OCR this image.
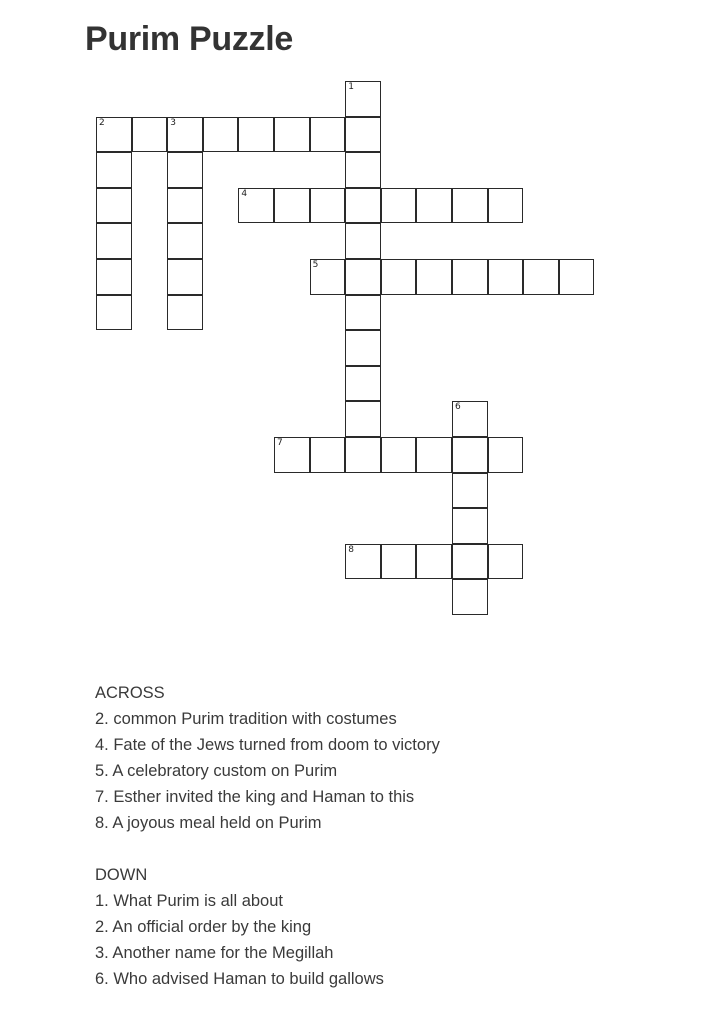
Purim Puzzle
2	3
4
5
7
8
1
6
ACROSS
2. common Purim tradition with costumes
4. Fate of the Jews turned from doom to victory
5. A celebratory custom on Purim
7. Esther invited the king and Haman to this
8. A joyous meal held on Purim
DOWN
1. What Purim is all about
2. An official order by the king
3. Another name for the Megillah
6. Who advised Haman to build gallows
